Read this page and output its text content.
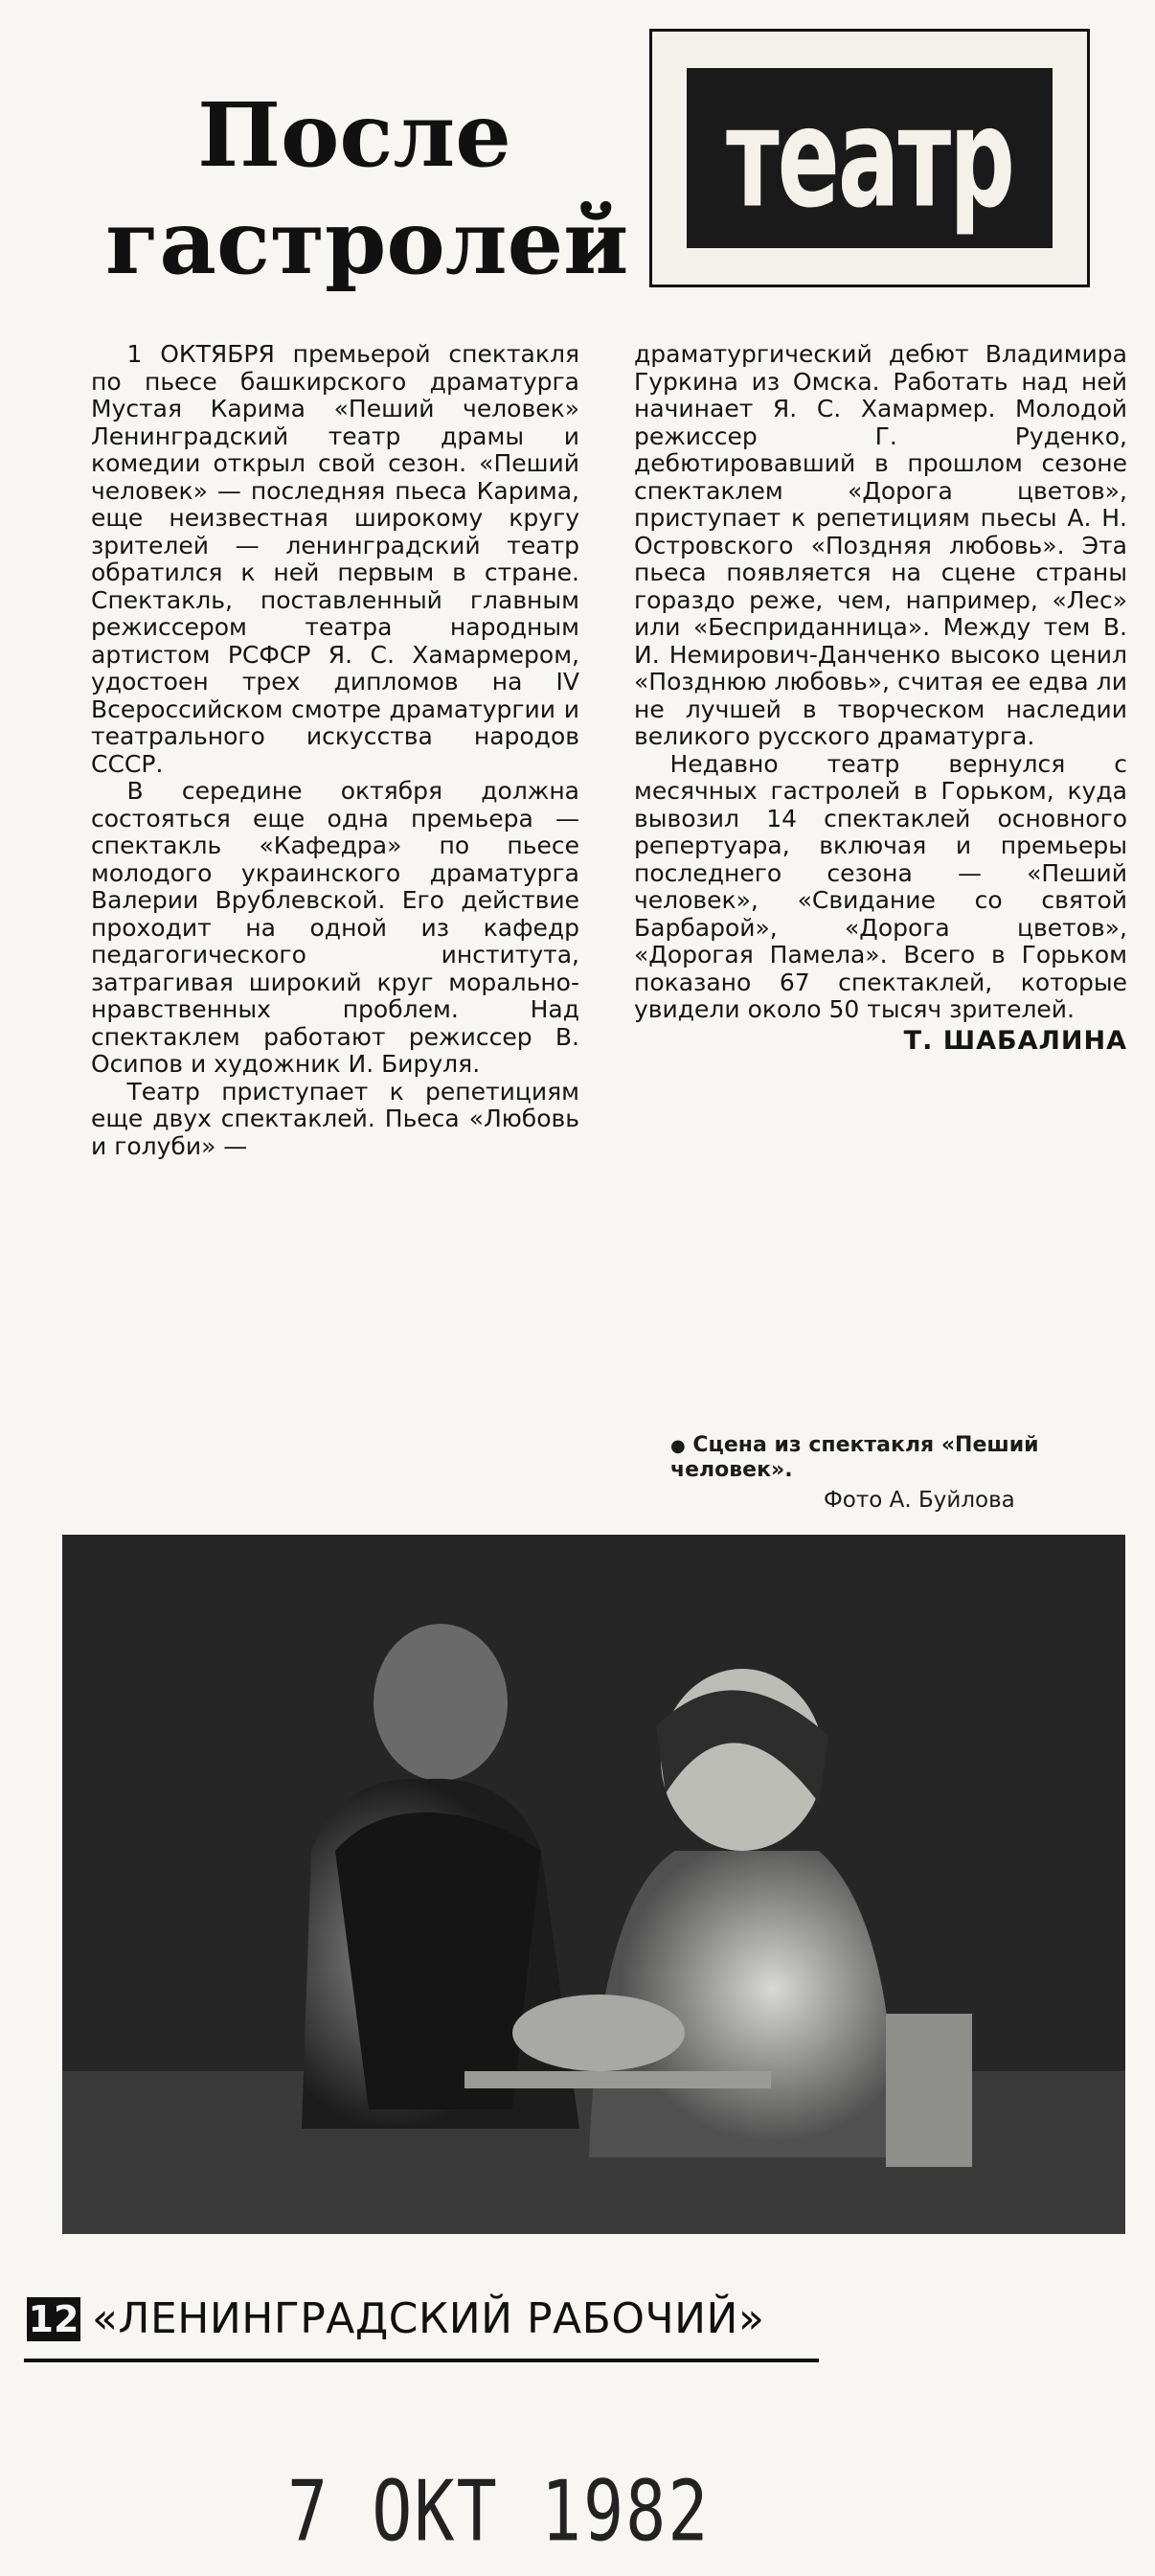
После
гастролей
театр

1 ОКТЯБРЯ премьерой спектакля по пьесе башкирского драматурга Мустая Карима «Пеший человек» Ленинградский театр драмы и комедии открыл свой сезон. «Пеший человек» — последняя пьеса Карима, еще неизвестная широкому кругу зрителей — ленинградский театр обратился к ней первым в стране. Спектакль, поставленный главным режиссером театра народным артистом РСФСР Я. С. Хамармером, удостоен трех дипломов на IV Всероссийском смотре драматургии и театрального искусства народов СССР.

В середине октября должна состояться еще одна премьера — спектакль «Кафедра» по пьесе молодого украинского драматурга Валерии Врублевской. Его действие проходит на одной из кафедр педагогического института, затрагивая широкий круг морально-нравственных проблем. Над спектаклем работают режиссер В. Осипов и художник И. Бируля.

Театр приступает к репетициям еще двух спектаклей. Пьеса «Любовь и голуби» —

драматургический дебют Владимира Гуркина из Омска. Работать над ней начинает Я. С. Хамармер. Молодой режиссер Г. Руденко, дебютировавший в прошлом сезоне спектаклем «Дорога цветов», приступает к репетициям пьесы А. Н. Островского «Поздняя любовь». Эта пьеса появляется на сцене страны гораздо реже, чем, например, «Лес» или «Бесприданница». Между тем В. И. Немирович-Данченко высоко ценил «Позднюю любовь», считая ее едва ли не лучшей в творческом наследии великого русского драматурга.

Недавно театр вернулся с месячных гастролей в Горьком, куда вывозил 14 спектаклей основного репертуара, включая и премьеры последнего сезона — «Пеший человек», «Свидание со святой Барбарой», «Дорога цветов», «Дорогая Памела». Всего в Горьком показано 67 спектаклей, которые увидели около 50 тысяч зрителей.

Т. ШАБАЛИНА
● Сцена из спектакля «Пеший человек».
Фото А. Буйлова
12 «ЛЕНИНГРАДСКИЙ РАБОЧИЙ»
7 ОКТ 1982
